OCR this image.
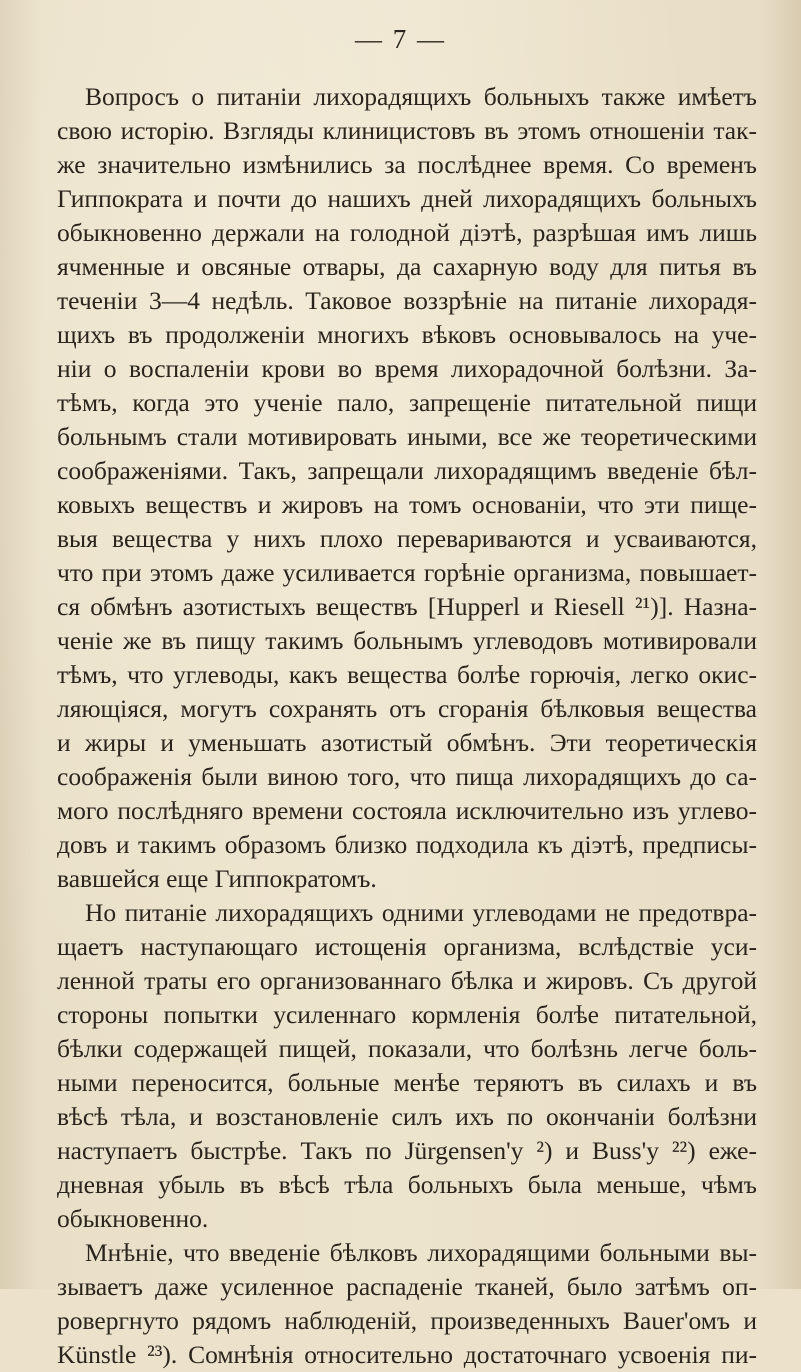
— 7 —
Вопросъ о питаніи лихорадящихъ больныхъ также имѣетъ
свою исторію. Взгляды клиницистовъ въ этомъ отношеніи так-
же значительно измѣнились за послѣднее время. Со временъ
Гиппократа и почти до нашихъ дней лихорадящихъ больныхъ
обыкновенно держали на голодной діэтѣ, разрѣшая имъ лишь
ячменные и овсяные отвары, да сахарную воду для питья въ
теченіи 3—4 недѣль. Таковое воззрѣніе на питаніе лихорадя-
щихъ въ продолженіи многихъ вѣковъ основывалось на уче-
ніи о воспаленіи крови во время лихорадочной болѣзни. За-
тѣмъ, когда это ученіе пало, запрещеніе питательной пищи
больнымъ стали мотивировать иными, все же теоретическими
соображеніями. Такъ, запрещали лихорадящимъ введеніе бѣл-
ковыхъ веществъ и жировъ на томъ основаніи, что эти пище-
выя вещества у нихъ плохо перевариваются и усваиваются,
что при этомъ даже усиливается горѣніе организма, повышает-
ся обмѣнъ азотистыхъ веществъ [Hupperl и Riesell ²¹)]. Назна-
ченіе же въ пищу такимъ больнымъ углеводовъ мотивировали
тѣмъ, что углеводы, какъ вещества болѣе горючія, легко окис-
ляющіяся, могутъ сохранять отъ сгоранія бѣлковыя вещества
и жиры и уменьшать азотистый обмѣнъ. Эти теоретическія
соображенія были виною того, что пища лихорадящихъ до са-
мого послѣдняго времени состояла исключительно изъ углево-
довъ и такимъ образомъ близко подходила къ діэтѣ, предписы-
вавшейся еще Гиппократомъ.
Но питаніе лихорадящихъ одними углеводами не предотвра-
щаетъ наступающаго истощенія организма, вслѣдствіе уси-
ленной траты его организованнаго бѣлка и жировъ. Съ другой
стороны попытки усиленнаго кормленія болѣе питательной,
бѣлки содержащей пищей, показали, что болѣзнь легче боль-
ными переносится, больные менѣе теряютъ въ силахъ и въ
вѣсѣ тѣла, и возстановленіе силъ ихъ по окончаніи болѣзни
наступаетъ быстрѣе. Такъ по Jürgensen'у ²) и Buss'у ²²) еже-
дневная убыль въ вѣсѣ тѣла больныхъ была меньше, чѣмъ
обыкновенно.
Мнѣніе, что введеніе бѣлковъ лихорадящими больными вы-
зываетъ даже усиленное распаденіе тканей, было затѣмъ оп-
ровергнуто рядомъ наблюденій, произведенныхъ Bauer'омъ и
Künstle ²³). Сомнѣнія относительно достаточнаго усвоенія пи-
